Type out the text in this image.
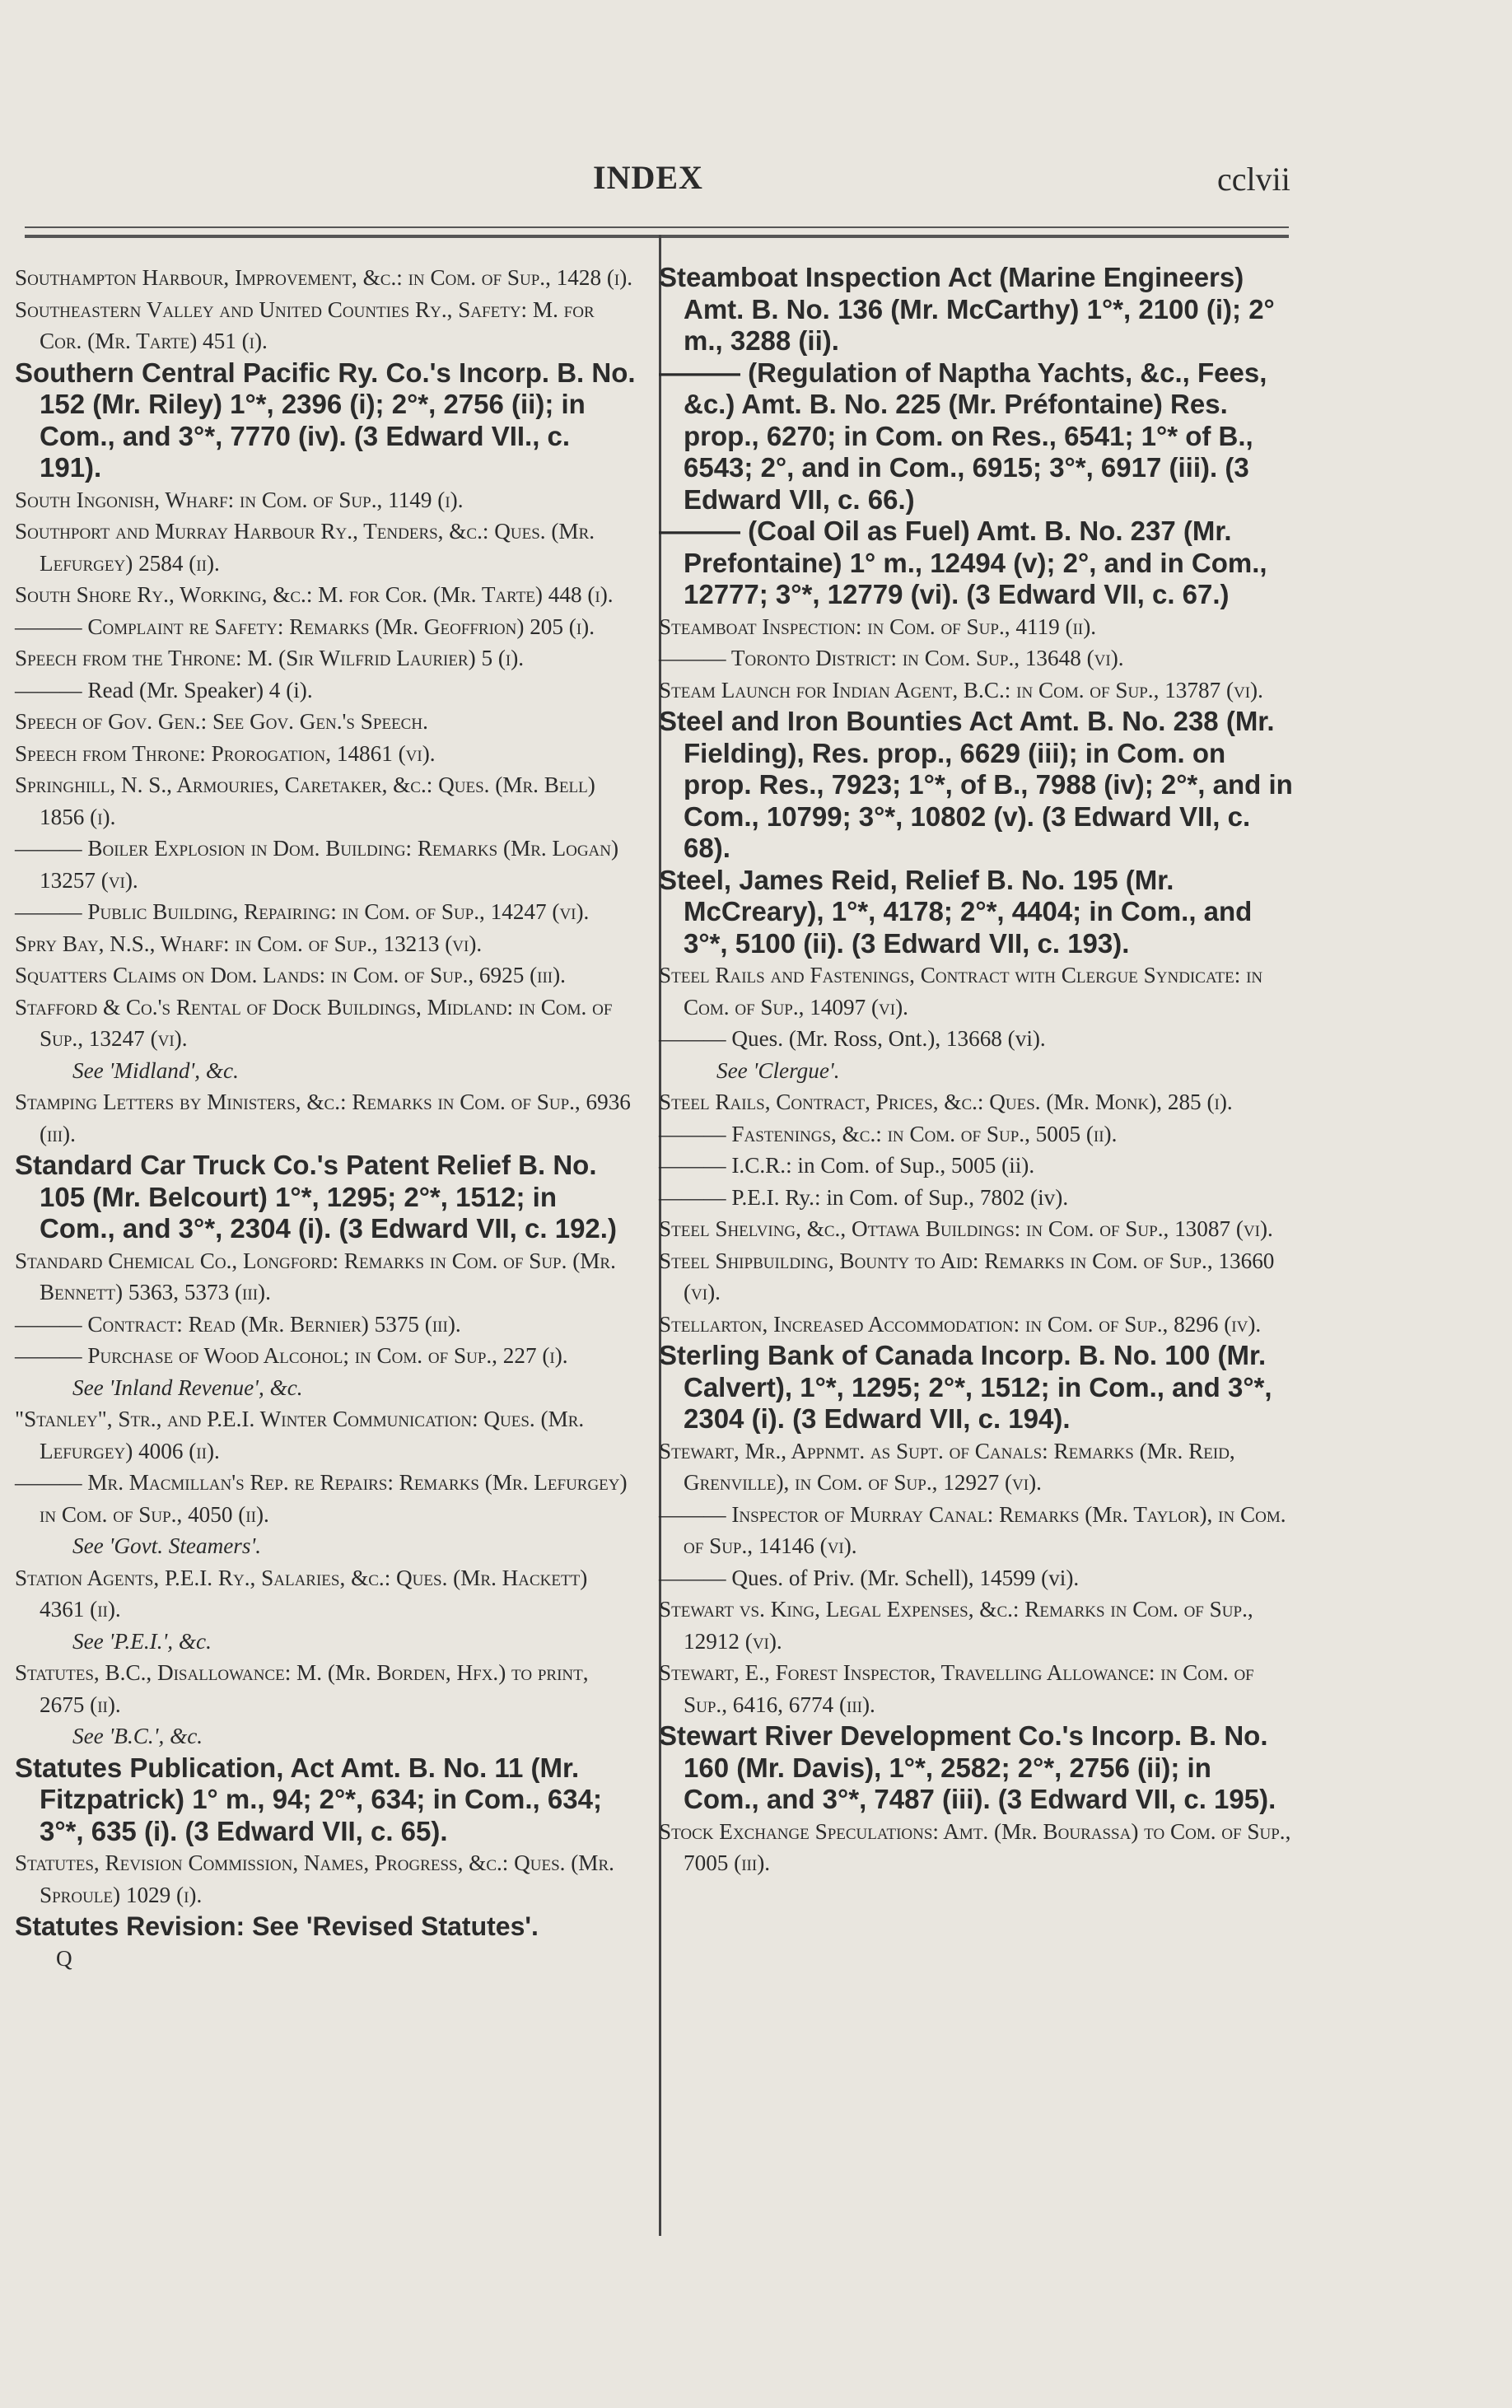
INDEX	cclvii

Southampton Harbour, Improvement, &c.: in Com. of Sup., 1428 (i).

Southeastern Valley and United Counties Ry., Safety: M. for Cor. (Mr. Tarte) 451 (i).

Southern Central Pacific Ry. Co.'s Incorp. B. No. 152 (Mr. Riley) 1°*, 2396 (i); 2°*, 2756 (ii); in Com., and 3°*, 7770 (iv). (3 Edward VII., c. 191).

South Ingonish, Wharf: in Com. of Sup., 1149 (i).

Southport and Murray Harbour Ry., Tenders, &c.: Ques. (Mr. Lefurgey) 2584 (ii).

South Shore Ry., Working, &c.: M. for Cor. (Mr. Tarte) 448 (i).

——— Complaint re Safety: Remarks (Mr. Geoffrion) 205 (i).

Speech from the Throne: M. (Sir Wilfrid Laurier) 5 (i).

——— Read (Mr. Speaker) 4 (i).

Speech of Gov. Gen.: See Gov. Gen.'s Speech.

Speech from Throne: Prorogation, 14861 (vi).

Springhill, N. S., Armouries, Caretaker, &c.: Ques. (Mr. Bell) 1856 (i).

——— Boiler Explosion in Dom. Building: Remarks (Mr. Logan) 13257 (vi).

——— Public Building, Repairing: in Com. of Sup., 14247 (vi).

Spry Bay, N.S., Wharf: in Com. of Sup., 13213 (vi).

Squatters Claims on Dom. Lands: in Com. of Sup., 6925 (iii).

Stafford & Co.'s Rental of Dock Buildings, Midland: in Com. of Sup., 13247 (vi).

See 'Midland', &c.

Stamping Letters by Ministers, &c.: Remarks in Com. of Sup., 6936 (iii).

Standard Car Truck Co.'s Patent Relief B. No. 105 (Mr. Belcourt) 1°*, 1295; 2°*, 1512; in Com., and 3°*, 2304 (i). (3 Edward VII, c. 192.)

Standard Chemical Co., Longford: Remarks in Com. of Sup. (Mr. Bennett) 5363, 5373 (iii).

——— Contract: Read (Mr. Bernier) 5375 (iii).

——— Purchase of Wood Alcohol; in Com. of Sup., 227 (i).

See 'Inland Revenue', &c.

"Stanley", Str., and P.E.I. Winter Communication: Ques. (Mr. Lefurgey) 4006 (ii).

——— Mr. Macmillan's Rep. re Repairs: Remarks (Mr. Lefurgey) in Com. of Sup., 4050 (ii).

See 'Govt. Steamers'.

Station Agents, P.E.I. Ry., Salaries, &c.: Ques. (Mr. Hackett) 4361 (ii).

See 'P.E.I.', &c.

Statutes, B.C., Disallowance: M. (Mr. Borden, Hfx.) to print, 2675 (ii).

See 'B.C.', &c.

Statutes Publication, Act Amt. B. No. 11 (Mr. Fitzpatrick) 1° m., 94; 2°*, 634; in Com., 634; 3°*, 635 (i). (3 Edward VII, c. 65).

Statutes, Revision Commission, Names, Progress, &c.: Ques. (Mr. Sproule) 1029 (i).

Statutes Revision: See 'Revised Statutes'.

Q

Steamboat Inspection Act (Marine Engineers) Amt. B. No. 136 (Mr. McCarthy) 1°*, 2100 (i); 2° m., 3288 (ii).

——— (Regulation of Naptha Yachts, &c., Fees, &c.) Amt. B. No. 225 (Mr. Préfontaine) Res. prop., 6270; in Com. on Res., 6541; 1°* of B., 6543; 2°, and in Com., 6915; 3°*, 6917 (iii). (3 Edward VII, c. 66.)

——— (Coal Oil as Fuel) Amt. B. No. 237 (Mr. Prefontaine) 1° m., 12494 (v); 2°, and in Com., 12777; 3°*, 12779 (vi). (3 Edward VII, c. 67.)

Steamboat Inspection: in Com. of Sup., 4119 (ii).

——— Toronto District: in Com. Sup., 13648 (vi).

Steam Launch for Indian Agent, B.C.: in Com. of Sup., 13787 (vi).

Steel and Iron Bounties Act Amt. B. No. 238 (Mr. Fielding), Res. prop., 6629 (iii); in Com. on prop. Res., 7923; 1°*, of B., 7988 (iv); 2°*, and in Com., 10799; 3°*, 10802 (v). (3 Edward VII, c. 68).

Steel, James Reid, Relief B. No. 195 (Mr. McCreary), 1°*, 4178; 2°*, 4404; in Com., and 3°*, 5100 (ii). (3 Edward VII, c. 193).

Steel Rails and Fastenings, Contract with Clergue Syndicate: in Com. of Sup., 14097 (vi).

——— Ques. (Mr. Ross, Ont.), 13668 (vi).

See 'Clergue'.

Steel Rails, Contract, Prices, &c.: Ques. (Mr. Monk), 285 (i).

——— Fastenings, &c.: in Com. of Sup., 5005 (ii).

——— I.C.R.: in Com. of Sup., 5005 (ii).

——— P.E.I. Ry.: in Com. of Sup., 7802 (iv).

Steel Shelving, &c., Ottawa Buildings: in Com. of Sup., 13087 (vi).

Steel Shipbuilding, Bounty to Aid: Remarks in Com. of Sup., 13660 (vi).

Stellarton, Increased Accommodation: in Com. of Sup., 8296 (iv).

Sterling Bank of Canada Incorp. B. No. 100 (Mr. Calvert), 1°*, 1295; 2°*, 1512; in Com., and 3°*, 2304 (i). (3 Edward VII, c. 194).

Stewart, Mr., Appnmt. as Supt. of Canals: Remarks (Mr. Reid, Grenville), in Com. of Sup., 12927 (vi).

——— Inspector of Murray Canal: Remarks (Mr. Taylor), in Com. of Sup., 14146 (vi).

——— Ques. of Priv. (Mr. Schell), 14599 (vi).

Stewart vs. King, Legal Expenses, &c.: Remarks in Com. of Sup., 12912 (vi).

Stewart, E., Forest Inspector, Travelling Allowance: in Com. of Sup., 6416, 6774 (iii).

Stewart River Development Co.'s Incorp. B. No. 160 (Mr. Davis), 1°*, 2582; 2°*, 2756 (ii); in Com., and 3°*, 7487 (iii). (3 Edward VII, c. 195).

Stock Exchange Speculations: Amt. (Mr. Bourassa) to Com. of Sup., 7005 (iii).
